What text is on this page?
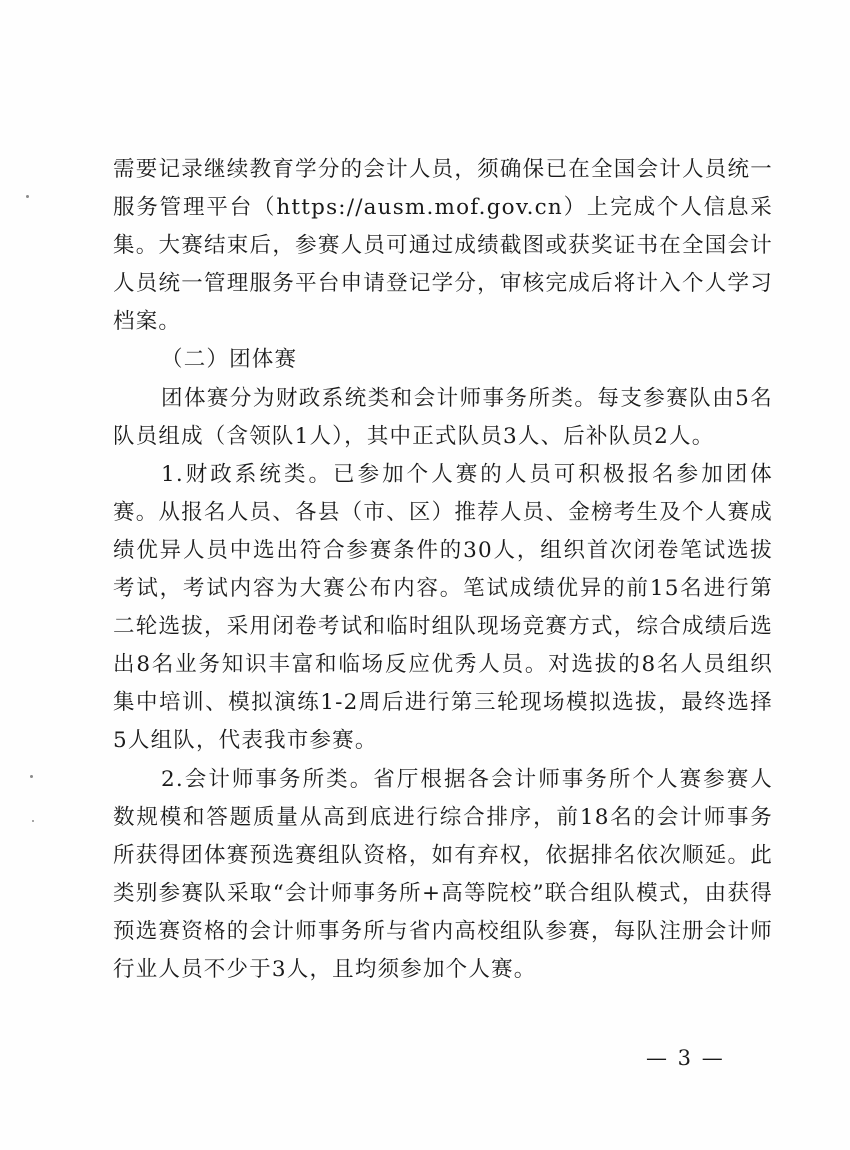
需要记录继续教育学分的会计人员，须确保已在全国会计人员统一服务管理平台（https://ausm.mof.gov.cn）上完成个人信息采集。大赛结束后，参赛人员可通过成绩截图或获奖证书在全国会计人员统一管理服务平台申请登记学分，审核完成后将计入个人学习档案。

（二）团体赛

团体赛分为财政系统类和会计师事务所类。每支参赛队由5名队员组成（含领队1人），其中正式队员3人、后补队员2人。

1.财政系统类。已参加个人赛的人员可积极报名参加团体赛。从报名人员、各县（市、区）推荐人员、金榜考生及个人赛成绩优异人员中选出符合参赛条件的30人，组织首次闭卷笔试选拔考试，考试内容为大赛公布内容。笔试成绩优异的前15名进行第二轮选拔，采用闭卷考试和临时组队现场竞赛方式，综合成绩后选出8名业务知识丰富和临场反应优秀人员。对选拔的8名人员组织集中培训、模拟演练1-2周后进行第三轮现场模拟选拔，最终选择5人组队，代表我市参赛。

2.会计师事务所类。省厅根据各会计师事务所个人赛参赛人数规模和答题质量从高到底进行综合排序，前18名的会计师事务所获得团体赛预选赛组队资格，如有弃权，依据排名依次顺延。此类别参赛队采取“会计师事务所+高等院校”联合组队模式，由获得预选赛资格的会计师事务所与省内高校组队参赛，每队注册会计师行业人员不少于3人，且均须参加个人赛。

— 3 —
